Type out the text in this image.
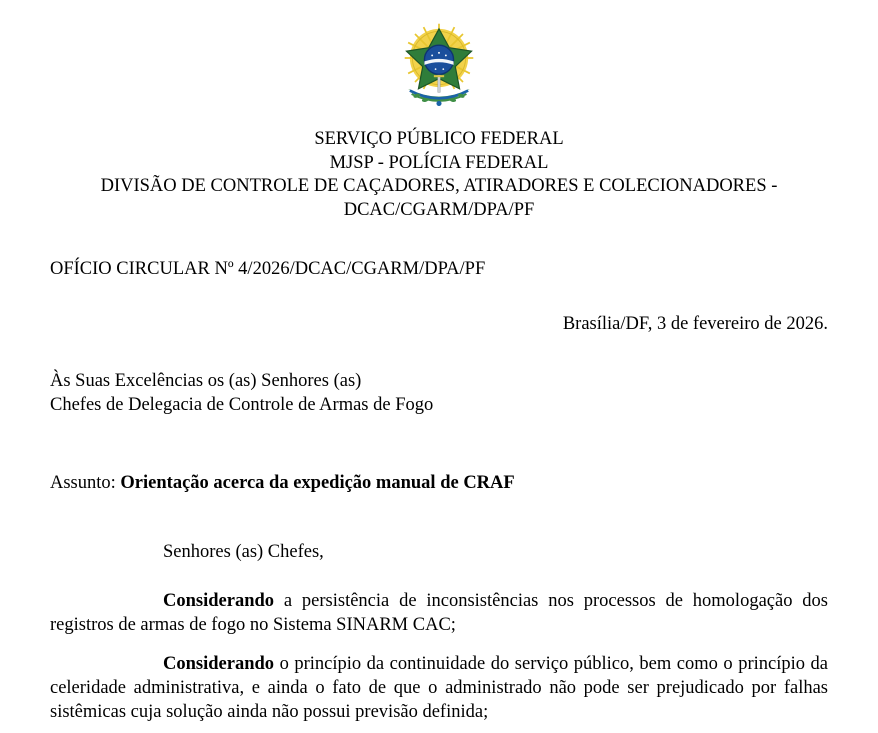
SERVIÇO PÚBLICO FEDERAL
MJSP - POLÍCIA FEDERAL
DIVISÃO DE CONTROLE DE CAÇADORES, ATIRADORES E COLECIONADORES -
DCAC/CGARM/DPA/PF
OFÍCIO CIRCULAR Nº 4/2026/DCAC/CGARM/DPA/PF
Brasília/DF, 3 de fevereiro de 2026.
Às Suas Excelências os (as) Senhores (as)
Chefes de Delegacia de Controle de Armas de Fogo
Assunto: Orientação acerca da expedição manual de CRAF
Senhores (as) Chefes,
Considerando a persistência de inconsistências nos processos de homologação dos registros de armas de fogo no Sistema SINARM CAC;
Considerando o princípio da continuidade do serviço público, bem como o princípio da celeridade administrativa, e ainda o fato de que o administrado não pode ser prejudicado por falhas sistêmicas cuja solução ainda não possui previsão definida;
